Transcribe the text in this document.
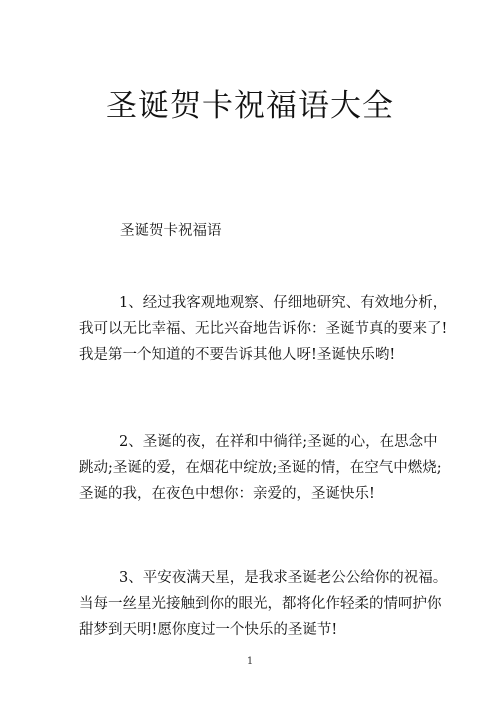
圣诞贺卡祝福语大全

圣诞贺卡祝福语

1、经过我客观地观察、仔细地研究、有效地分析，
我可以无比幸福、无比兴奋地告诉你：圣诞节真的要来了!
我是第一个知道的不要告诉其他人呀!圣诞快乐哟!

2、圣诞的夜，在祥和中徜徉;圣诞的心，在思念中
跳动;圣诞的爱，在烟花中绽放;圣诞的情，在空气中燃烧;
圣诞的我，在夜色中想你：亲爱的，圣诞快乐!

3、平安夜满天星，是我求圣诞老公公给你的祝福。
当每一丝星光接触到你的眼光，都将化作轻柔的情呵护你
甜梦到天明!愿你度过一个快乐的圣诞节!

1
